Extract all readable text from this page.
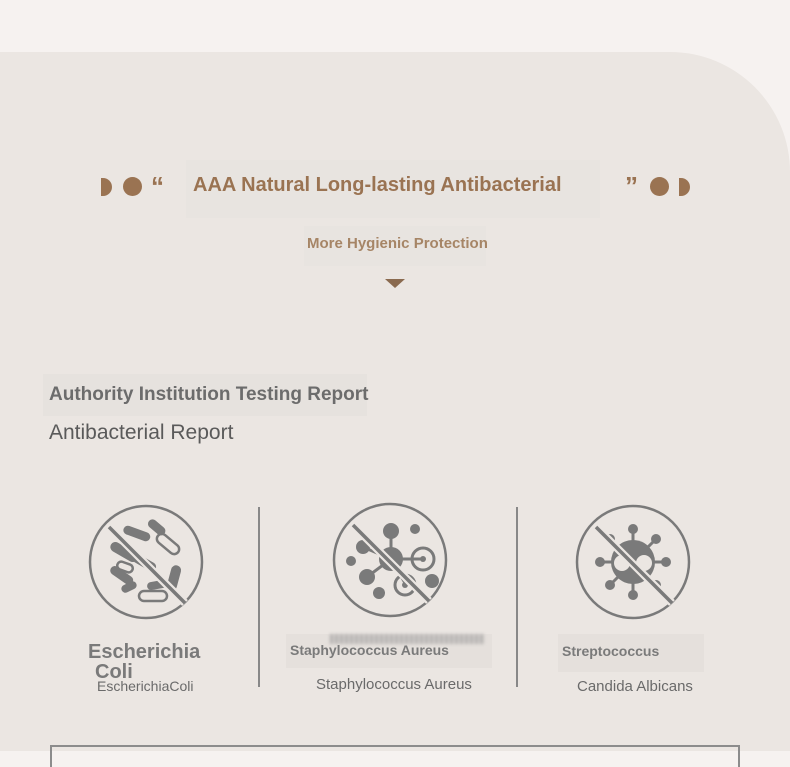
“ AAA Natural Long-lasting Antibacterial ”
More Hygienic Protection
Authority Institution Testing Report
Antibacterial Report
Escherichia
Coli
EscherichiaColi
Staphylococcus Aureus
Staphylococcus Aureus
Streptococcus
Candida Albicans
